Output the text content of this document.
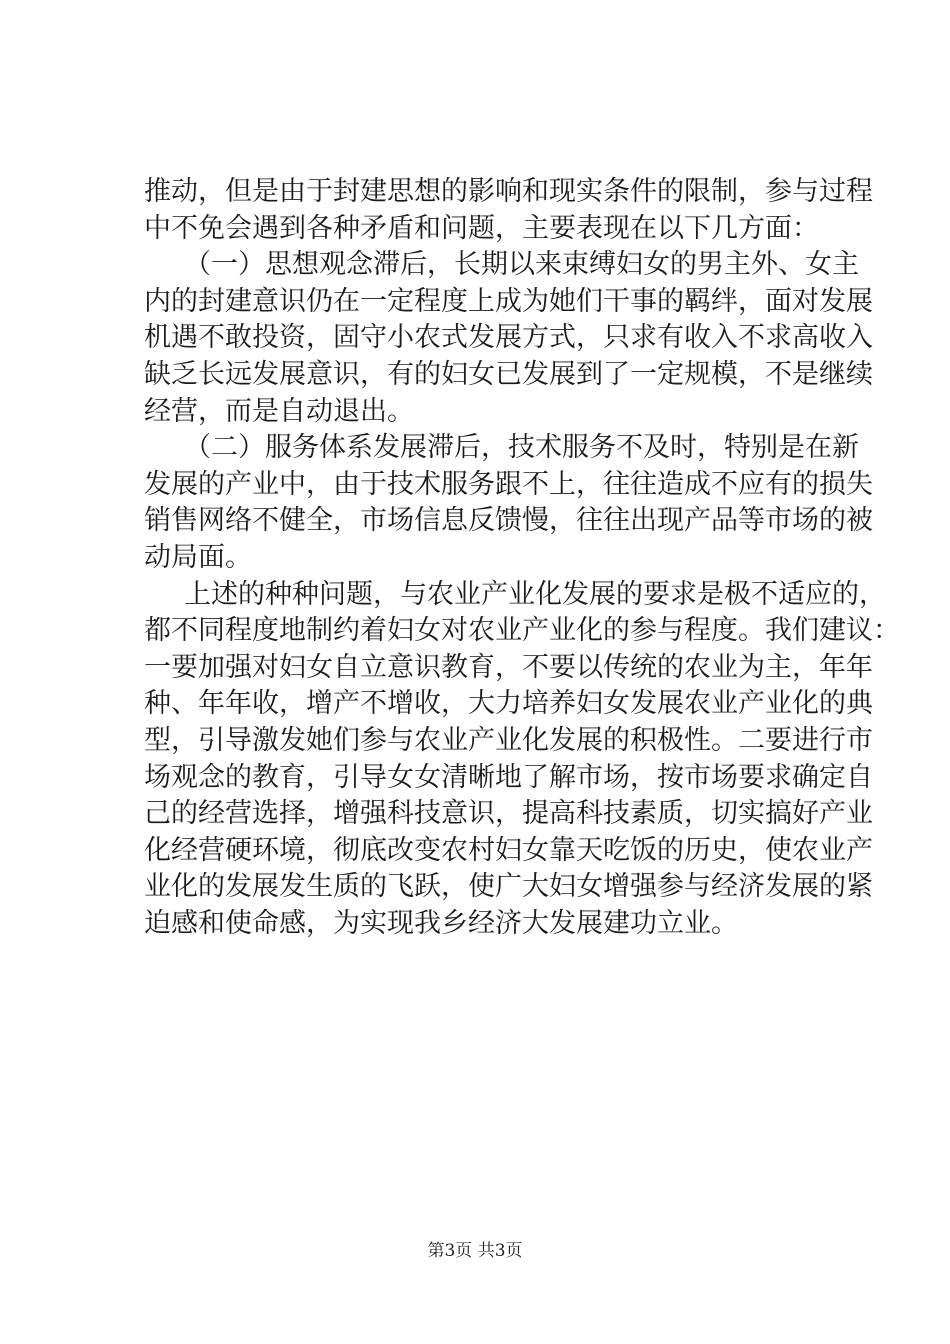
推动，但是由于封建思想的影响和现实条件的限制，参与过程
中不免会遇到各种矛盾和问题，主要表现在以下几方面：
（一）思想观念滞后，长期以来束缚妇女的男主外、女主
内的封建意识仍在一定程度上成为她们干事的羁绊，面对发展
机遇不敢投资，固守小农式发展方式，只求有收入不求高收入
缺乏长远发展意识，有的妇女已发展到了一定规模，不是继续
经营，而是自动退出。
（二）服务体系发展滞后，技术服务不及时，特别是在新
发展的产业中，由于技术服务跟不上，往往造成不应有的损失
销售网络不健全，市场信息反馈慢，往往出现产品等市场的被
动局面。
上述的种种问题，与农业产业化发展的要求是极不适应的，
都不同程度地制约着妇女对农业产业化的参与程度。我们建议：
一要加强对妇女自立意识教育，不要以传统的农业为主，年年
种、年年收，增产不增收，大力培养妇女发展农业产业化的典
型，引导激发她们参与农业产业化发展的积极性。二要进行市
场观念的教育，引导女女清晰地了解市场，按市场要求确定自
己的经营选择，增强科技意识，提高科技素质，切实搞好产业
化经营硬环境，彻底改变农村妇女靠天吃饭的历史，使农业产
业化的发展发生质的飞跃，使广大妇女增强参与经济发展的紧
迫感和使命感，为实现我乡经济大发展建功立业。
第3页 共3页
